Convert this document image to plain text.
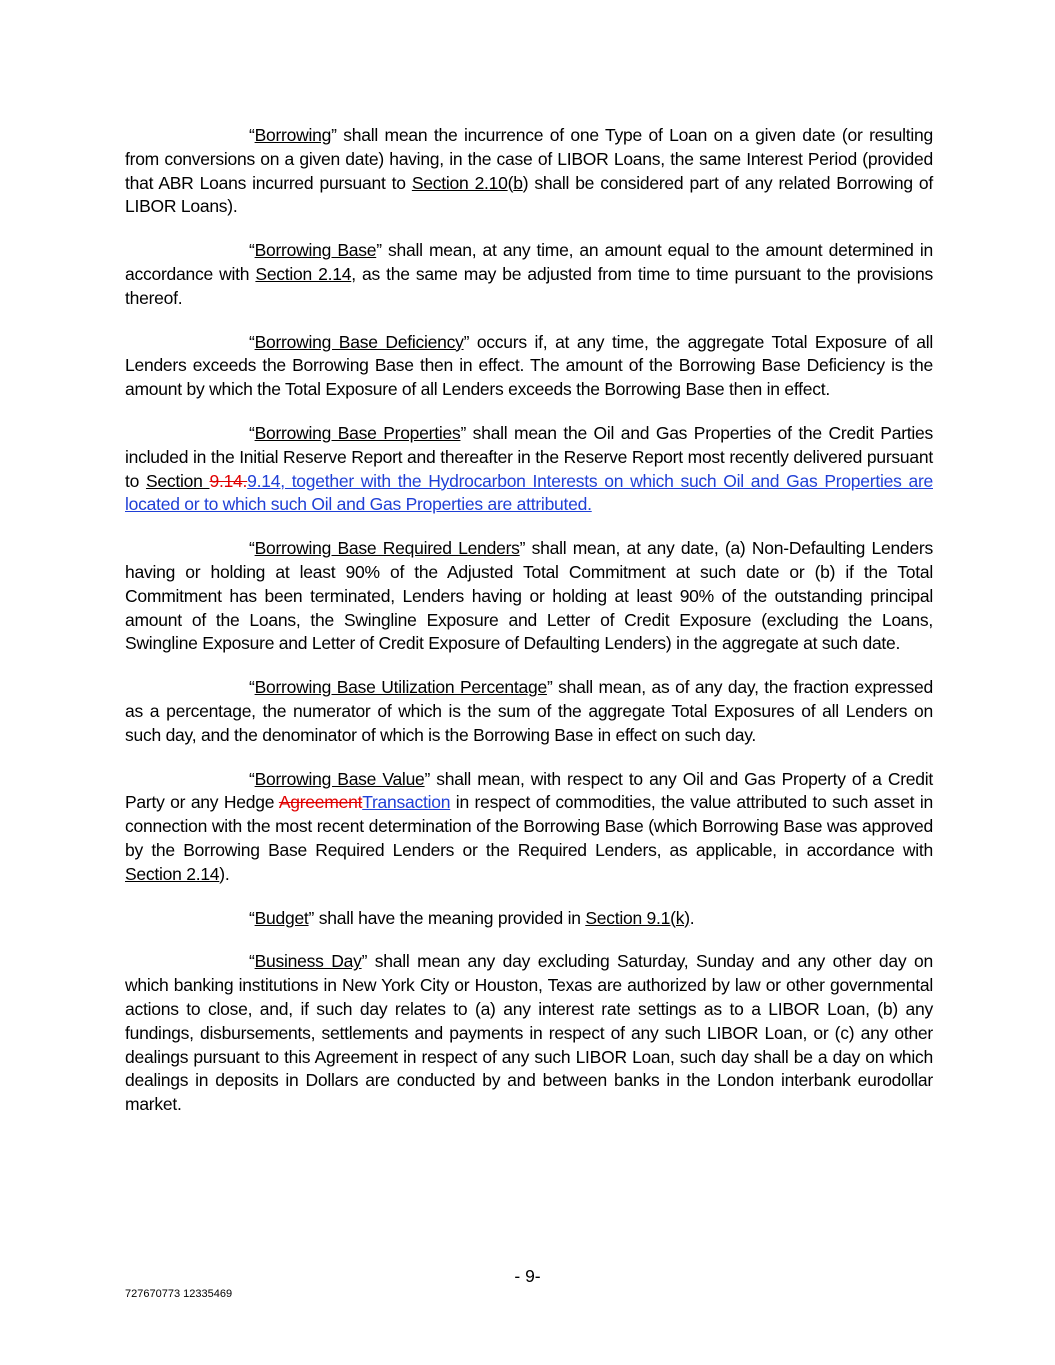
“Borrowing” shall mean the incurrence of one Type of Loan on a given date (or resulting from conversions on a given date) having, in the case of LIBOR Loans, the same Interest Period (provided that ABR Loans incurred pursuant to Section 2.10(b) shall be considered part of any related Borrowing of LIBOR Loans).

“Borrowing Base” shall mean, at any time, an amount equal to the amount determined in accordance with Section 2.14, as the same may be adjusted from time to time pursuant to the provisions thereof.

“Borrowing Base Deficiency” occurs if, at any time, the aggregate Total Exposure of all Lenders exceeds the Borrowing Base then in effect. The amount of the Borrowing Base Deficiency is the amount by which the Total Exposure of all Lenders exceeds the Borrowing Base then in effect.

“Borrowing Base Properties” shall mean the Oil and Gas Properties of the Credit Parties included in the Initial Reserve Report and thereafter in the Reserve Report most recently delivered pursuant to Section 9.14.9.14, together with the Hydrocarbon Interests on which such Oil and Gas Properties are located or to which such Oil and Gas Properties are attributed.

“Borrowing Base Required Lenders” shall mean, at any date, (a) Non-Defaulting Lenders having or holding at least 90% of the Adjusted Total Commitment at such date or (b) if the Total Commitment has been terminated, Lenders having or holding at least 90% of the outstanding principal amount of the Loans, the Swingline Exposure and Letter of Credit Exposure (excluding the Loans, Swingline Exposure and Letter of Credit Exposure of Defaulting Lenders) in the aggregate at such date.

“Borrowing Base Utilization Percentage” shall mean, as of any day, the fraction expressed as a percentage, the numerator of which is the sum of the aggregate Total Exposures of all Lenders on such day, and the denominator of which is the Borrowing Base in effect on such day.

“Borrowing Base Value” shall mean, with respect to any Oil and Gas Property of a Credit Party or any Hedge AgreementTransaction in respect of commodities, the value attributed to such asset in connection with the most recent determination of the Borrowing Base (which Borrowing Base was approved by the Borrowing Base Required Lenders or the Required Lenders, as applicable, in accordance with Section 2.14).

“Budget” shall have the meaning provided in Section 9.1(k).

“Business Day” shall mean any day excluding Saturday, Sunday and any other day on which banking institutions in New York City or Houston, Texas are authorized by law or other governmental actions to close, and, if such day relates to (a) any interest rate settings as to a LIBOR Loan, (b) any fundings, disbursements, settlements and payments in respect of any such LIBOR Loan, or (c) any other dealings pursuant to this Agreement in respect of any such LIBOR Loan, such day shall be a day on which dealings in deposits in Dollars are conducted by and between banks in the London interbank eurodollar market.

- 9-
727670773 12335469
